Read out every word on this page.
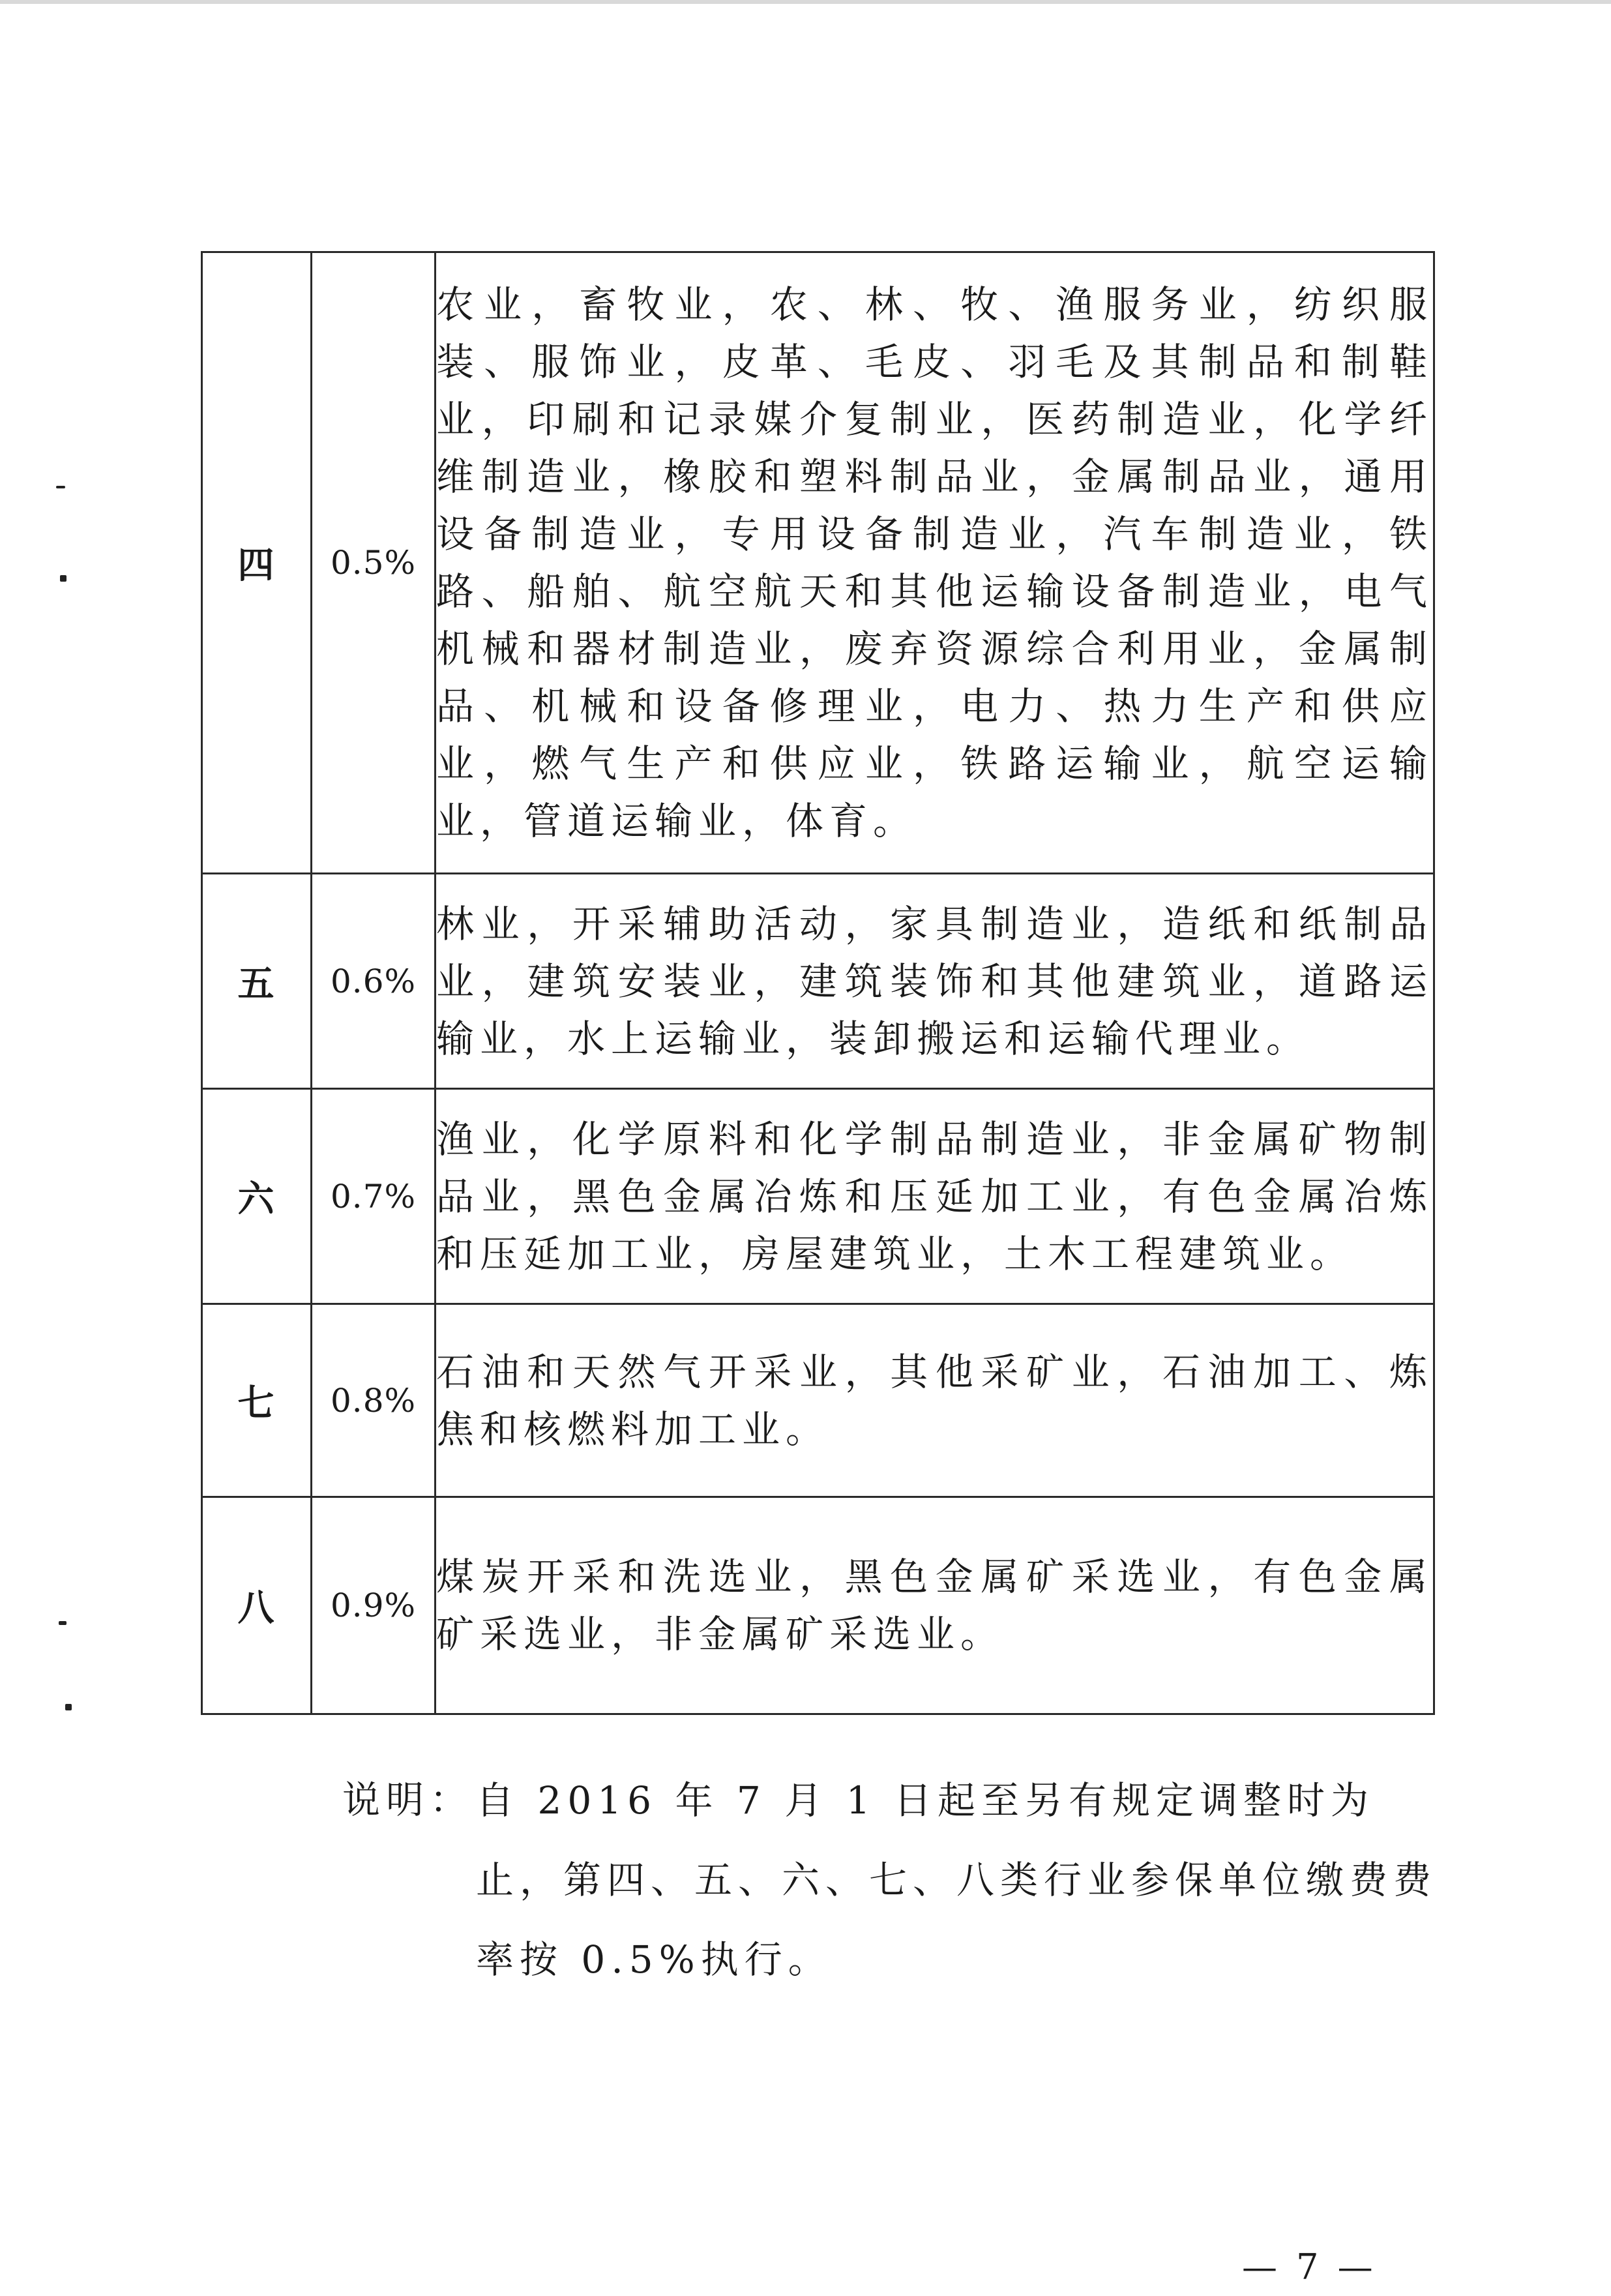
四	0.5%	农业，畜牧业，农、林、牧、渔服务业，纺织服装、服饰业，皮革、毛皮、羽毛及其制品和制鞋业，印刷和记录媒介复制业，医药制造业，化学纤维制造业，橡胶和塑料制品业，金属制品业，通用设备制造业，专用设备制造业，汽车制造业，铁路、船舶、航空航天和其他运输设备制造业，电气机械和器材制造业，废弃资源综合利用业，金属制品、机械和设备修理业，电力、热力生产和供应业，燃气生产和供应业，铁路运输业，航空运输业，管道运输业，体育。
五	0.6%	林业，开采辅助活动，家具制造业，造纸和纸制品业，建筑安装业，建筑装饰和其他建筑业，道路运输业，水上运输业，装卸搬运和运输代理业。
六	0.7%	渔业，化学原料和化学制品制造业，非金属矿物制品业，黑色金属冶炼和压延加工业，有色金属冶炼和压延加工业，房屋建筑业，土木工程建筑业。
七	0.8%	石油和天然气开采业，其他采矿业，石油加工、炼焦和核燃料加工业。
八	0.9%	煤炭开采和洗选业，黑色金属矿采选业，有色金属矿采选业，非金属矿采选业。
说明： 自 2016 年 7 月 1 日起至另有规定调整时为止，第四、五、六、七、八类行业参保单位缴费费率按 0.5%执行。
— 7 —
